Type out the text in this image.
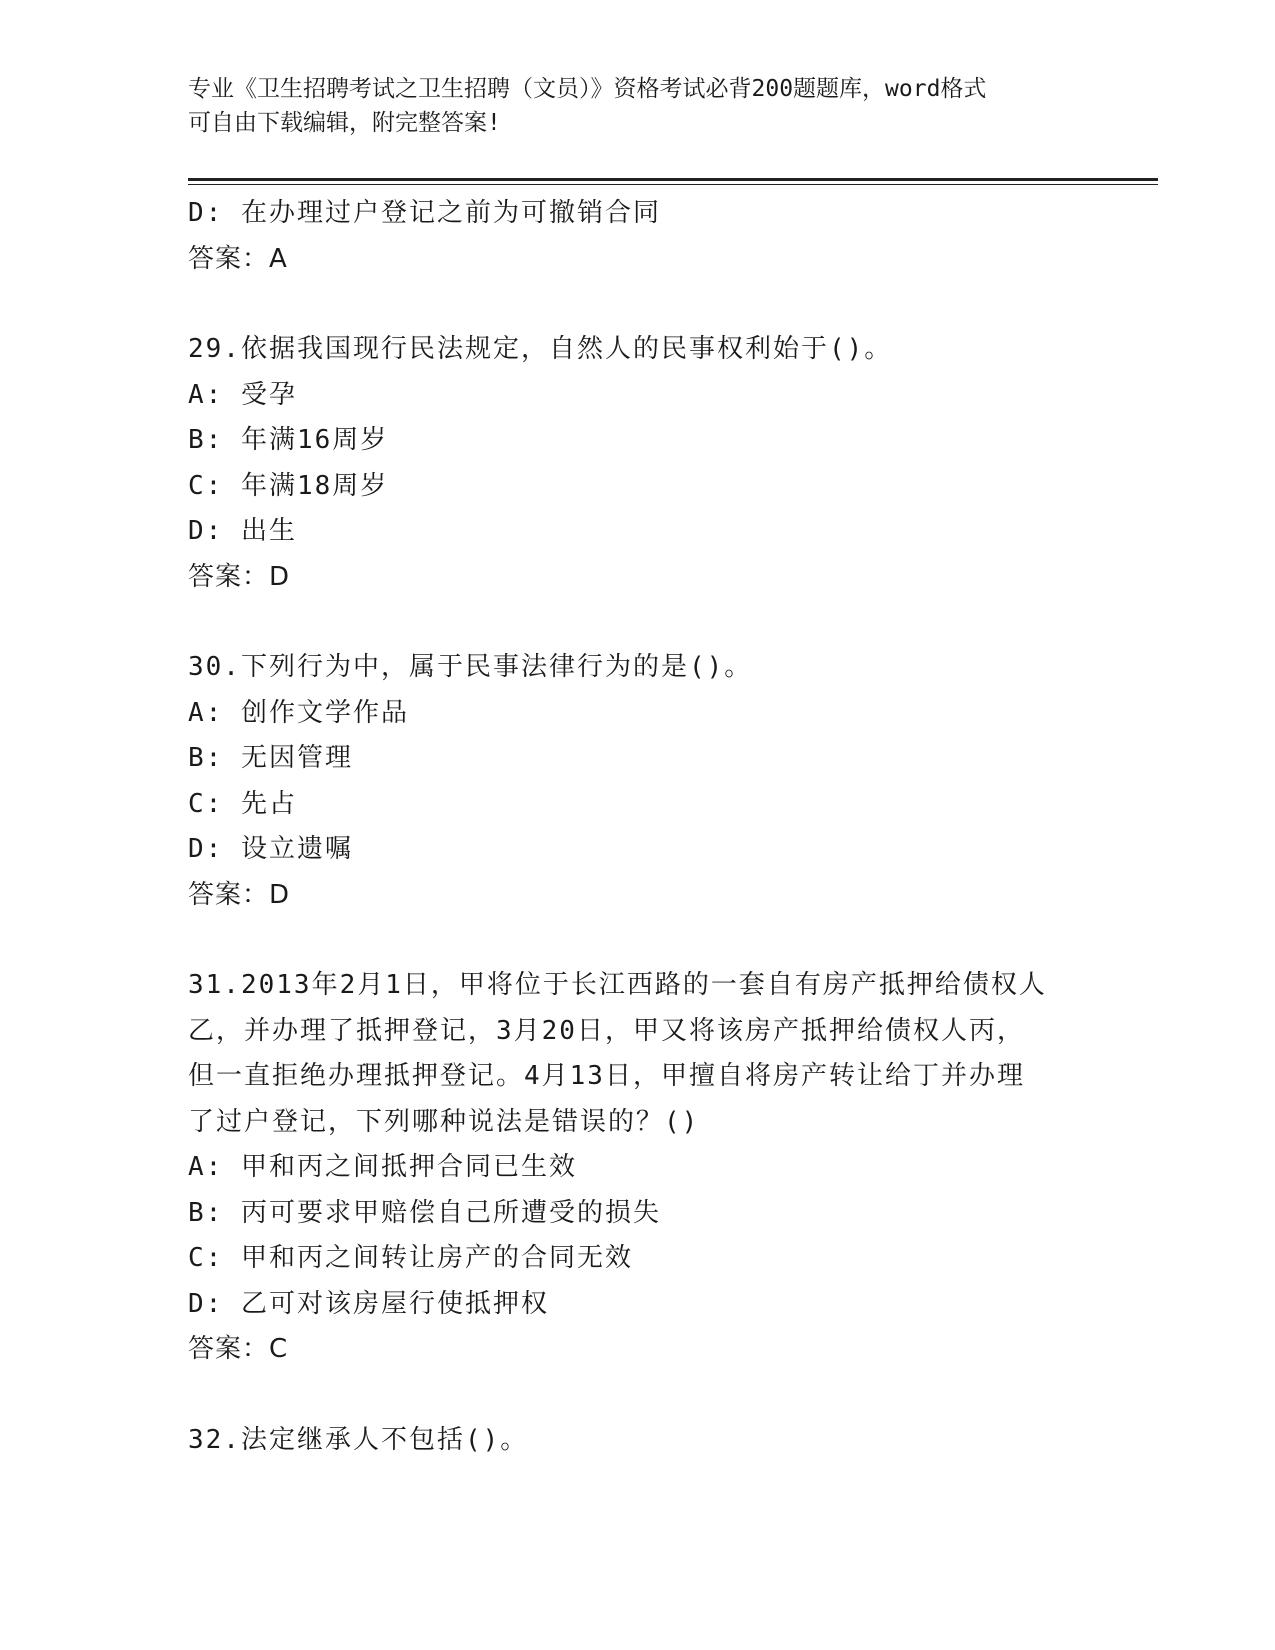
专业《卫生招聘考试之卫生招聘（文员）》资格考试必背200题题库，word格式
可自由下载编辑，附完整答案!
D: 在办理过户登记之前为可撤销合同
答案：A
29.依据我国现行民法规定，自然人的民事权利始于()。
A: 受孕
B: 年满16周岁
C: 年满18周岁
D: 出生
答案：D
30.下列行为中，属于民事法律行为的是()。
A: 创作文学作品
B: 无因管理
C: 先占
D: 设立遗嘱
答案：D
31.2013年2月1日，甲将位于长江西路的一套自有房产抵押给债权人
乙，并办理了抵押登记，3月20日，甲又将该房产抵押给债权人丙，
但一直拒绝办理抵押登记。4月13日，甲擅自将房产转让给丁并办理
了过户登记，下列哪种说法是错误的？()
A: 甲和丙之间抵押合同已生效
B: 丙可要求甲赔偿自己所遭受的损失
C: 甲和丙之间转让房产的合同无效
D: 乙可对该房屋行使抵押权
答案：C
32.法定继承人不包括()。
